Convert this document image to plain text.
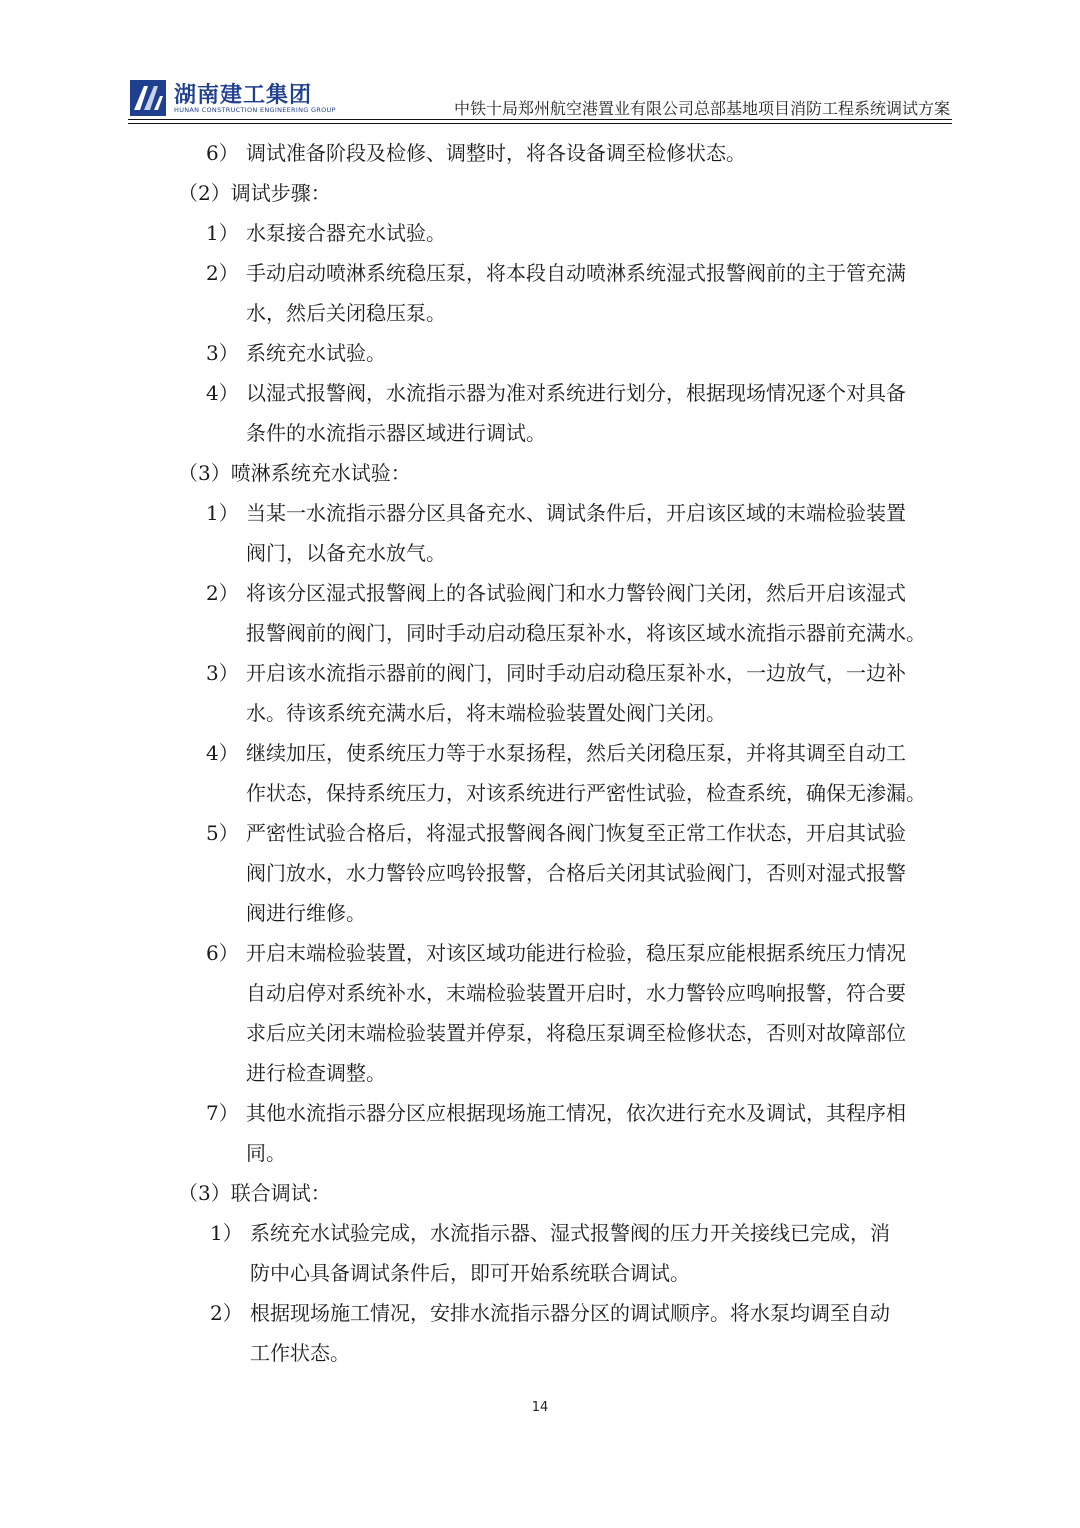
湖南建工集团
HUNAN CONSTRUCTION ENGINEERING GROUP	中铁十局郑州航空港置业有限公司总部基地项目消防工程系统调试方案
6） 调试准备阶段及检修、调整时，将各设备调至检修状态。
（2）调试步骤：
1） 水泵接合器充水试验。
2） 手动启动喷淋系统稳压泵，将本段自动喷淋系统湿式报警阀前的主于管充满
水，然后关闭稳压泵。
3） 系统充水试验。
4） 以湿式报警阀，水流指示器为准对系统进行划分，根据现场情况逐个对具备
条件的水流指示器区域进行调试。
（3）喷淋系统充水试验：
1） 当某一水流指示器分区具备充水、调试条件后，开启该区域的末端检验装置
阀门，以备充水放气。
2） 将该分区湿式报警阀上的各试验阀门和水力警铃阀门关闭，然后开启该湿式
报警阀前的阀门，同时手动启动稳压泵补水，将该区域水流指示器前充满水。
3） 开启该水流指示器前的阀门，同时手动启动稳压泵补水，一边放气，一边补
水。待该系统充满水后，将末端检验装置处阀门关闭。
4） 继续加压，使系统压力等于水泵扬程，然后关闭稳压泵，并将其调至自动工
作状态，保持系统压力，对该系统进行严密性试验，检查系统，确保无渗漏。
5） 严密性试验合格后，将湿式报警阀各阀门恢复至正常工作状态，开启其试验
阀门放水，水力警铃应鸣铃报警，合格后关闭其试验阀门，否则对湿式报警
阀进行维修。
6） 开启末端检验装置，对该区域功能进行检验，稳压泵应能根据系统压力情况
自动启停对系统补水，末端检验装置开启时，水力警铃应鸣响报警，符合要
求后应关闭末端检验装置并停泵，将稳压泵调至检修状态，否则对故障部位
进行检查调整。
7） 其他水流指示器分区应根据现场施工情况，依次进行充水及调试，其程序相
同。
（3）联合调试：
1） 系统充水试验完成，水流指示器、湿式报警阀的压力开关接线已完成，消
防中心具备调试条件后，即可开始系统联合调试。
2） 根据现场施工情况，安排水流指示器分区的调试顺序。将水泵均调至自动
工作状态。
14
